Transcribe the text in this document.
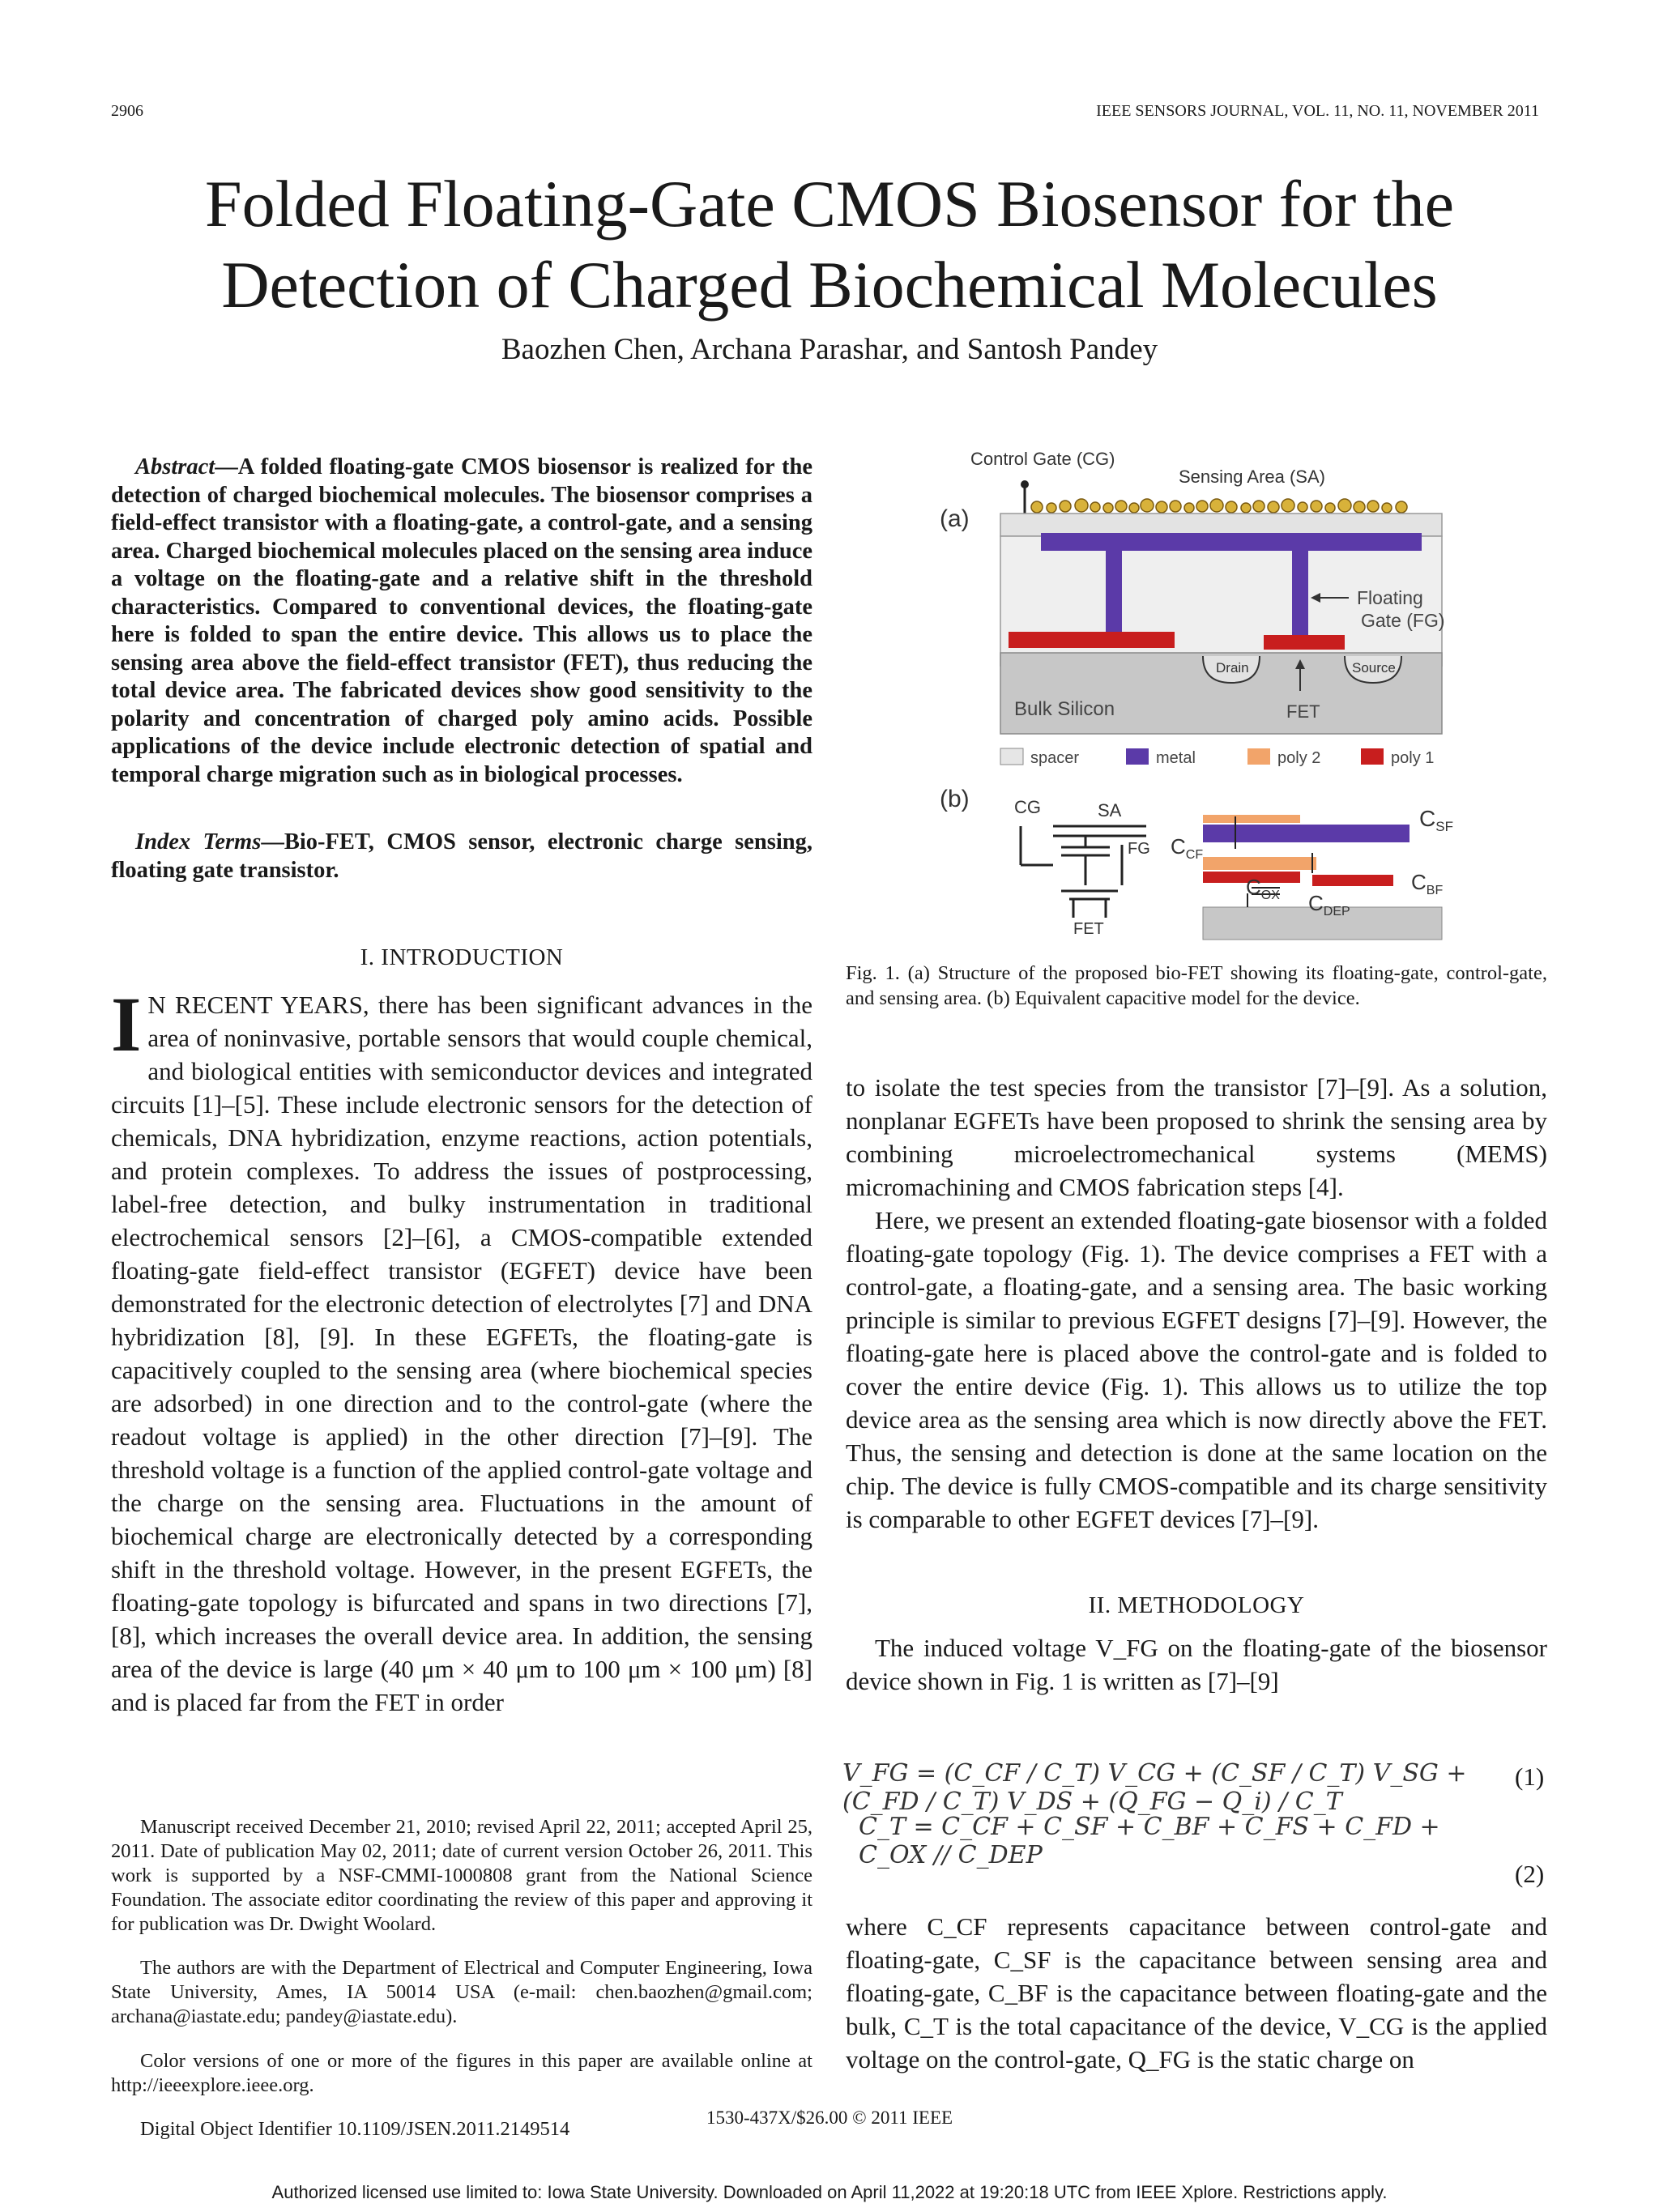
2906	IEEE SENSORS JOURNAL, VOL. 11, NO. 11, NOVEMBER 2011
Folded Floating-Gate CMOS Biosensor for the
Detection of Charged Biochemical Molecules
Baozhen Chen, Archana Parashar, and Santosh Pandey
Abstract—A folded floating-gate CMOS biosensor is realized for the detection of charged biochemical molecules. The biosensor comprises a field-effect transistor with a floating-gate, a control-gate, and a sensing area. Charged biochemical molecules placed on the sensing area induce a voltage on the floating-gate and a relative shift in the threshold characteristics. Compared to conventional devices, the floating-gate here is folded to span the entire device. This allows us to place the sensing area above the field-effect transistor (FET), thus reducing the total device area. The fabricated devices show good sensitivity to the polarity and concentration of charged poly amino acids. Possible applications of the device include electronic detection of spatial and temporal charge migration such as in biological processes.
Index Terms—Bio-FET, CMOS sensor, electronic charge sensing, floating gate transistor.
I. INTRODUCTION
I N RECENT YEARS, there has been significant advances in the area of noninvasive, portable sensors that would couple chemical, and biological entities with semiconductor devices and integrated circuits [1]–[5]. These include electronic sensors for the detection of chemicals, DNA hybridization, enzyme reactions, action potentials, and protein complexes. To address the issues of postprocessing, label-free detection, and bulky instrumentation in traditional electrochemical sensors [2]–[6], a CMOS-compatible extended floating-gate field-effect transistor (EGFET) device have been demonstrated for the electronic detection of electrolytes [7] and DNA hybridization [8], [9]. In these EGFETs, the floating-gate is capacitively coupled to the sensing area (where biochemical species are adsorbed) in one direction and to the control-gate (where the readout voltage is applied) in the other direction [7]–[9]. The threshold voltage is a function of the applied control-gate voltage and the charge on the sensing area. Fluctuations in the amount of biochemical charge are electronically detected by a corresponding shift in the threshold voltage. However, in the present EGFETs, the floating-gate topology is bifurcated and spans in two directions [7], [8], which increases the overall device area. In addition, the sensing area of the device is large (40 μm × 40 μm to 100 μm × 100 μm) [8] and is placed far from the FET in order

Manuscript received December 21, 2010; revised April 22, 2011; accepted April 25, 2011. Date of publication May 02, 2011; date of current version October 26, 2011. This work is supported by a NSF-CMMI-1000808 grant from the National Science Foundation. The associate editor coordinating the review of this paper and approving it for publication was Dr. Dwight Woolard.

The authors are with the Department of Electrical and Computer Engineering, Iowa State University, Ames, IA 50014 USA (e-mail: chen.baozhen@gmail.com; archana@iastate.edu; pandey@iastate.edu).

Color versions of one or more of the figures in this paper are available online at http://ieeexplore.ieee.org.

Digital Object Identifier 10.1109/JSEN.2011.2149514

Control Gate (CG)
Sensing Area (SA)
(a)
Floating
Gate (FG)
Drain	Source
FET
Bulk Silicon
spacer	metal	poly 2	poly 1
(b)	CG	SA
FG
FET
$C_{SF}$
$C_{CF}$
$C_{OX}$
$C_{BF}$
$C_{DEP}$
Fig. 1. (a) Structure of the proposed bio-FET showing its floating-gate, control-gate, and sensing area. (b) Equivalent capacitive model for the device.

to isolate the test species from the transistor [7]–[9]. As a solution, nonplanar EGFETs have been proposed to shrink the sensing area by combining microelectromechanical systems (MEMS) micromachining and CMOS fabrication steps [4].

Here, we present an extended floating-gate biosensor with a folded floating-gate topology (Fig. 1). The device comprises a FET with a control-gate, a floating-gate, and a sensing area. The basic working principle is similar to previous EGFET designs [7]–[9]. However, the floating-gate here is placed above the control-gate and is folded to cover the entire device (Fig. 1). This allows us to utilize the top device area as the sensing area which is now directly above the FET. Thus, the sensing and detection is done at the same location on the chip. The device is fully CMOS-compatible and its charge sensitivity is comparable to other EGFET devices [7]–[9].

II. METHODOLOGY

The induced voltage V_FG on the floating-gate of the biosensor device shown in Fig. 1 is written as [7]–[9]

V_FG = (C_CF / C_T) V_CG + (C_SF / C_T) V_SG + (C_FD / C_T) V_DS + (Q_FG − Q_i) / C_T
(1)
C_T = C_CF + C_SF + C_BF + C_FS + C_FD + C_OX // C_DEP
(2)

where C_CF represents capacitance between control-gate and floating-gate, C_SF is the capacitance between sensing area and floating-gate, C_BF is the capacitance between floating-gate and the bulk, C_T is the total capacitance of the device, V_CG is the applied voltage on the control-gate, Q_FG is the static charge on

1530-437X/$26.00 © 2011 IEEE
Authorized licensed use limited to: Iowa State University. Downloaded on April 11,2022 at 19:20:18 UTC from IEEE Xplore. Restrictions apply.
